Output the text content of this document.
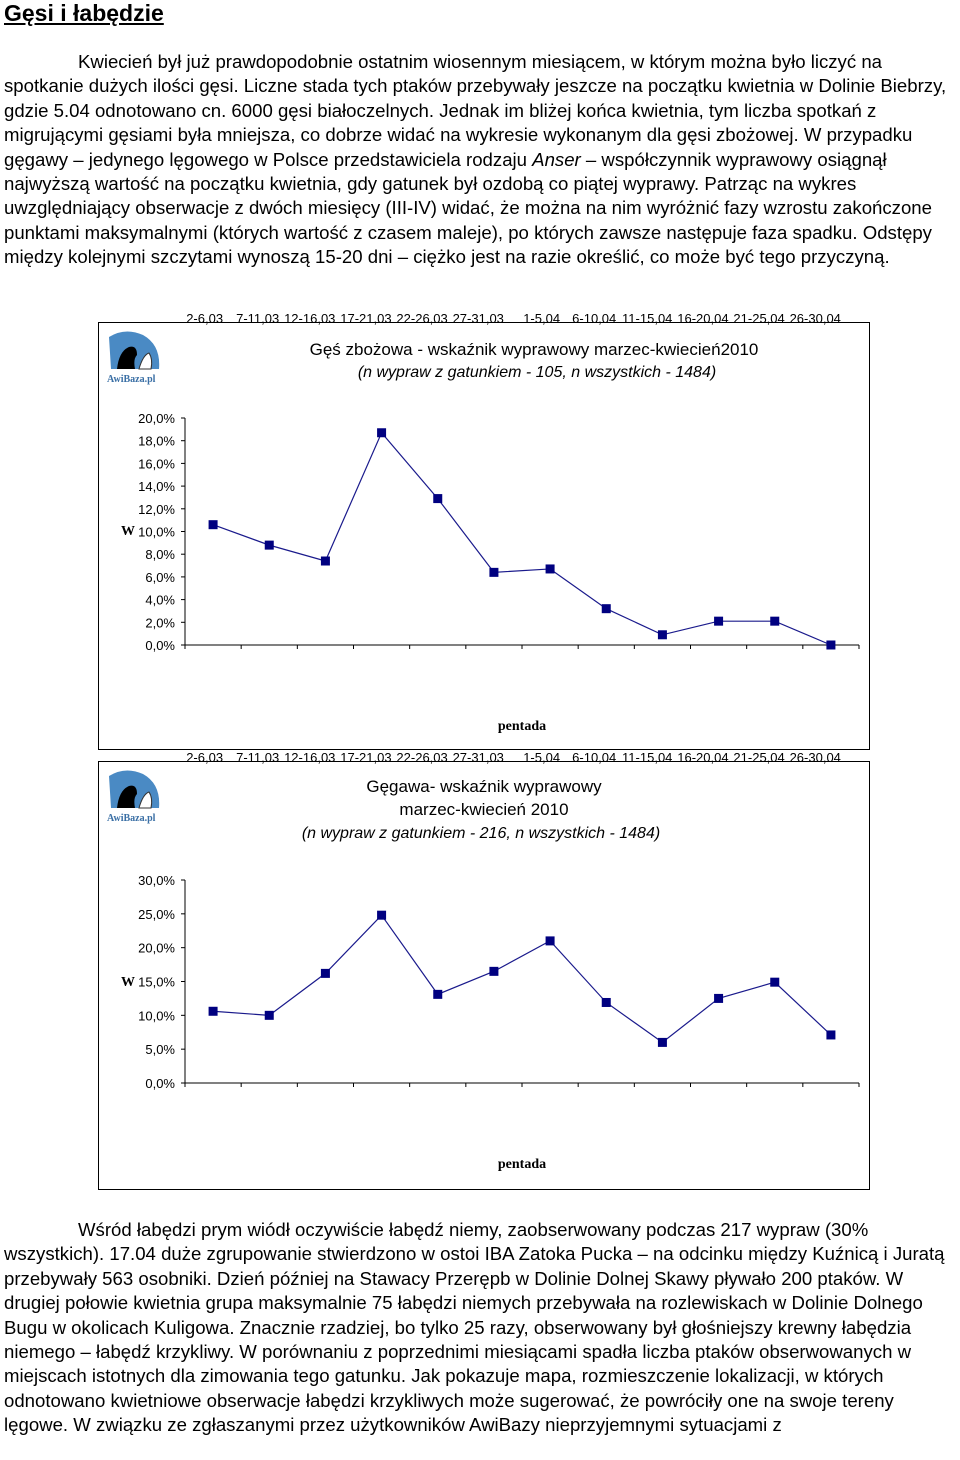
Gęsi i łabędzie

Kwiecień był już prawdopodobnie ostatnim wiosennym miesiącem, w którym można było liczyć na spotkanie dużych ilości gęsi. Liczne stada tych ptaków przebywały jeszcze na początku kwietnia w Dolinie Biebrzy, gdzie 5.04 odnotowano cn. 6000 gęsi białoczelnych. Jednak im bliżej końca kwietnia, tym liczba spotkań z migrującymi gęsiami była mniejsza, co dobrze widać na wykresie wykonanym dla gęsi zbożowej. W przypadku gęgawy – jedynego lęgowego w Polsce przedstawiciela rodzaju Anser – współczynnik wyprawowy osiągnął najwyższą wartość na początku kwietnia, gdy gatunek był ozdobą co piątej wyprawy. Patrząc na wykres uwzględniający obserwacje z dwóch miesięcy (III-IV) widać, że można na nim wyróżnić fazy wzrostu zakończone punktami maksymalnymi (których wartość z czasem maleje), po których zawsze następuje faza spadku. Odstępy między kolejnymi szczytami wynoszą 15-20 dni – ciężko jest na razie określić, co może być tego przyczyną.

AwiBaza.pl
Gęś zbożowa - wskaźnik wyprawowy marzec-kwiecień2010
(n wypraw z gatunkiem - 105, n wszystkich - 1484)
20,0%
18,0%
16,0%
14,0%
12,0%
10,0%
8,0%
6,0%
4,0%
2,0%
0,0%
2-6,03 7-11,03 12-16,03 17-21,03 22-26,03 27-31,03 1-5,04 6-10,04 11-15,04 16-20,04 21-25,04 26-30,04
W
pentada
AwiBaza.pl
Gęgawa- wskaźnik wyprawowy
marzec-kwiecień 2010
(n wypraw z gatunkiem - 216, n wszystkich - 1484)
30,0%
25,0%
20,0%
15,0%
10,0%
5,0%
0,0%
2-6,03 7-11,03 12-16,03 17-21,03 22-26,03 27-31,03 1-5,04 6-10,04 11-15,04 16-20,04 21-25,04 26-30,04
W
pentada

Wśród łabędzi prym wiódł oczywiście łabędź niemy, zaobserwowany podczas 217 wypraw (30% wszystkich). 17.04 duże zgrupowanie stwierdzono w ostoi IBA Zatoka Pucka – na odcinku między Kuźnicą i Juratą przebywały 563 osobniki. Dzień później na Stawacy Przerępb w Dolinie Dolnej Skawy pływało 200 ptaków. W drugiej połowie kwietnia grupa maksymalnie 75 łabędzi niemych przebywała na rozlewiskach w Dolinie Dolnego Bugu w okolicach Kuligowa. Znacznie rzadziej, bo tylko 25 razy, obserwowany był głośniejszy krewny łabędzia niemego – łabędź krzykliwy. W porównaniu z poprzednimi miesiącami spadła liczba ptaków obserwowanych w miejscach istotnych dla zimowania tego gatunku. Jak pokazuje mapa, rozmieszczenie lokalizacji, w których odnotowano kwietniowe obserwacje łabędzi krzykliwych może sugerować, że powróciły one na swoje tereny lęgowe. W związku ze zgłaszanymi przez użytkowników AwiBazy nieprzyjemnymi sytuacjami z
